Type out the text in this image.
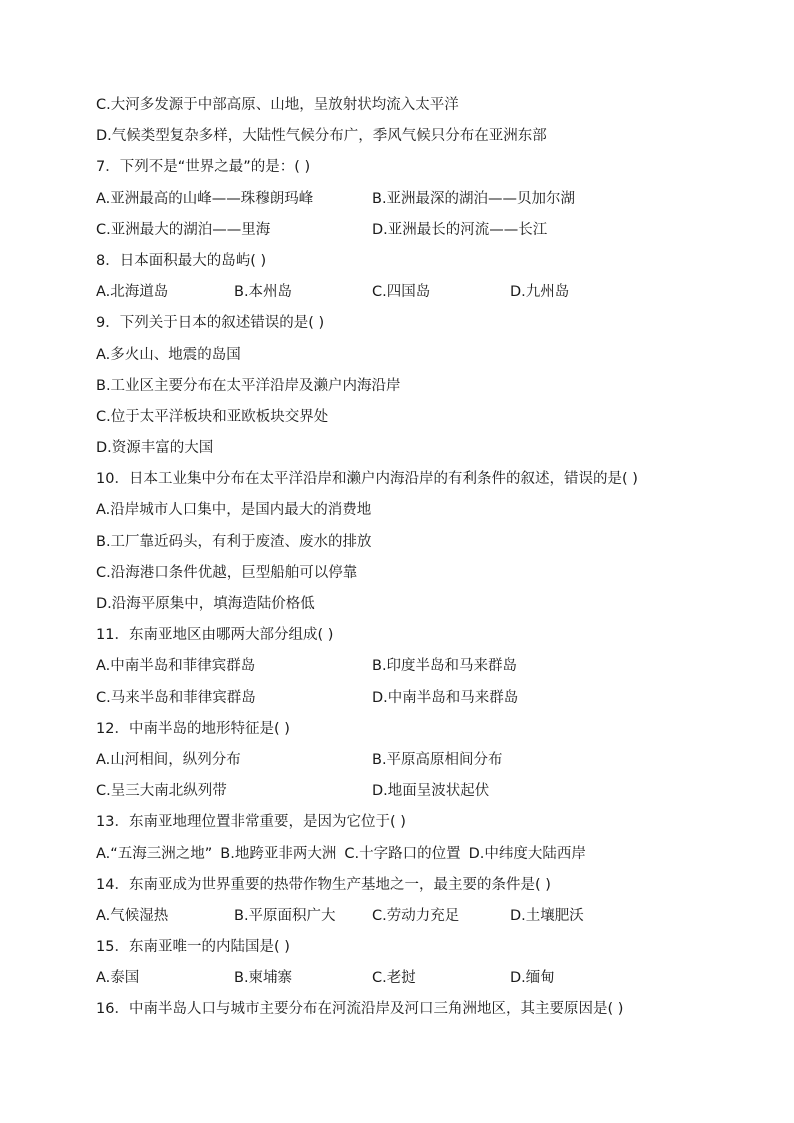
C.大河多发源于中部高原、山地，呈放射状均流入太平洋
D.气候类型复杂多样，大陆性气候分布广，季风气候只分布在亚洲东部
7．下列不是“世界之最”的是：( )
A.亚洲最高的山峰——珠穆朗玛峰	B.亚洲最深的湖泊——贝加尔湖
C.亚洲最大的湖泊——里海	D.亚洲最长的河流——长江
8．日本面积最大的岛屿( )
A.北海道岛	B.本州岛	C.四国岛	D.九州岛
9．下列关于日本的叙述错误的是( )
A.多火山、地震的岛国
B.工业区主要分布在太平洋沿岸及濑户内海沿岸
C.位于太平洋板块和亚欧板块交界处
D.资源丰富的大国
10．日本工业集中分布在太平洋沿岸和濑户内海沿岸的有利条件的叙述，错误的是( )
A.沿岸城市人口集中，是国内最大的消费地
B.工厂靠近码头，有利于废渣、废水的排放
C.沿海港口条件优越，巨型船舶可以停靠
D.沿海平原集中，填海造陆价格低
11．东南亚地区由哪两大部分组成( )
A.中南半岛和菲律宾群岛	B.印度半岛和马来群岛
C.马来半岛和菲律宾群岛	D.中南半岛和马来群岛
12．中南半岛的地形特征是( )
A.山河相间，纵列分布	B.平原高原相间分布
C.呈三大南北纵列带	D.地面呈波状起伏
13．东南亚地理位置非常重要，是因为它位于( )
A.“五海三洲之地” B.地跨亚非两大洲 C.十字路口的位置 D.中纬度大陆西岸
14．东南亚成为世界重要的热带作物生产基地之一，最主要的条件是( )
A.气候湿热	B.平原面积广大	C.劳动力充足	D.土壤肥沃
15．东南亚唯一的内陆国是( )
A.泰国	B.柬埔寨	C.老挝	D.缅甸
16．中南半岛人口与城市主要分布在河流沿岸及河口三角洲地区，其主要原因是( )
